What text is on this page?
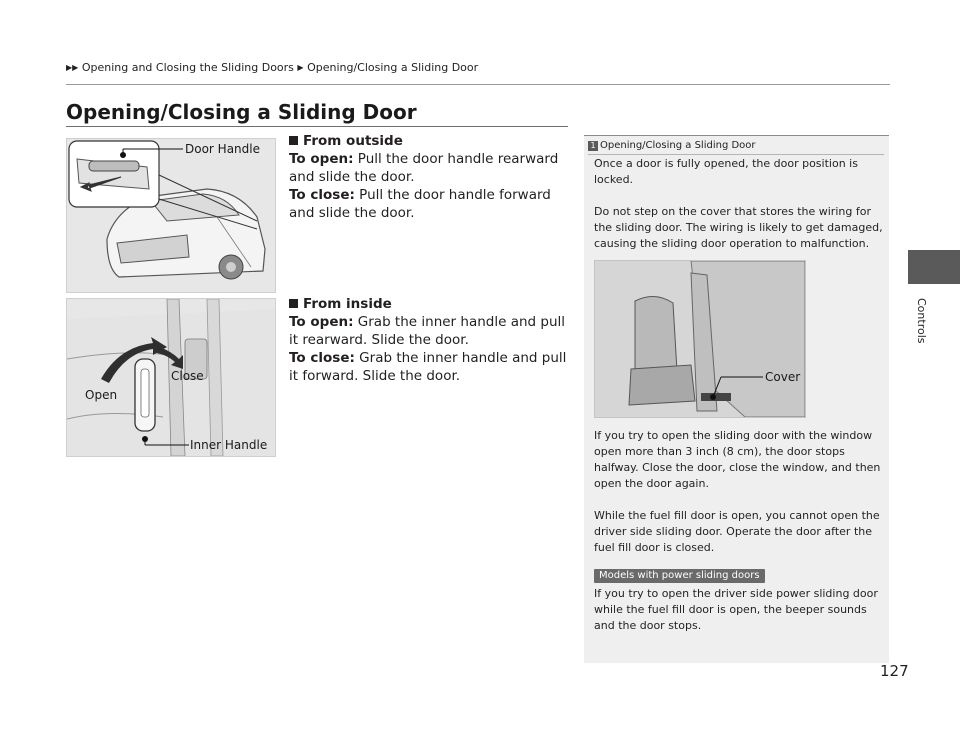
▶▶ Opening and Closing the Sliding Doors ▶ Opening/Closing a Sliding Door
Opening/Closing a Sliding Door
Controls
Door Handle
Close
Open
Inner Handle

From outside

To open: Pull the door handle rearward and slide the door.

To close: Pull the door handle forward and slide the door.

From inside

To open: Grab the inner handle and pull it rearward. Slide the door.

To close: Grab the inner handle and pull it forward. Slide the door.

1 Opening/Closing a Sliding Door

Once a door is fully opened, the door position is locked.

Do not step on the cover that stores the wiring for the sliding door. The wiring is likely to get damaged, causing the sliding door operation to malfunction.

Cover

If you try to open the sliding door with the window open more than 3 inch (8 cm), the door stops halfway. Close the door, close the window, and then open the door again.

While the fuel fill door is open, you cannot open the driver side sliding door. Operate the door after the fuel fill door is closed.

Models with power sliding doors

If you try to open the driver side power sliding door while the fuel fill door is open, the beeper sounds and the door stops.

127
